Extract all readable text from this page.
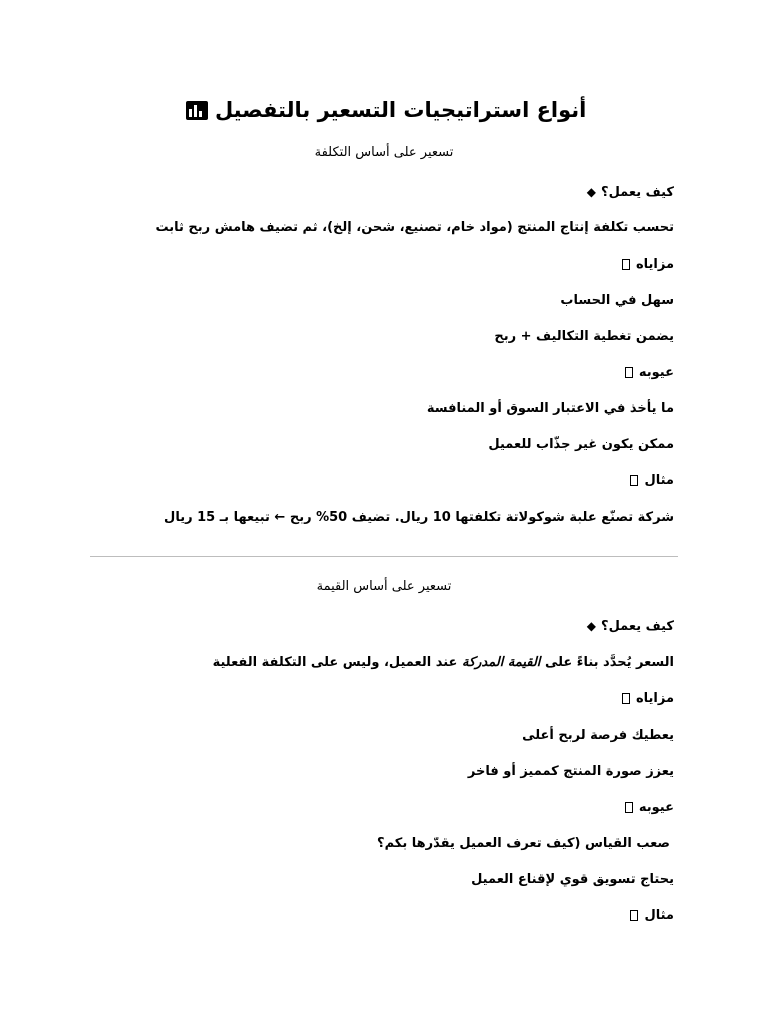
أنواع استراتيجيات التسعير بالتفصيل
تسعير على أساس التكلفة
كيف يعمل؟◆
تحسب تكلفة إنتاج المنتج (مواد خام، تصنيع، شحن، إلخ)، ثم تضيف هامش ربح ثابت
مزاياه
سهل في الحساب
يضمن تغطية التكاليف + ربح
عيوبه
ما يأخذ في الاعتبار السوق أو المنافسة
ممكن يكون غير جذّاب للعميل
مثال
شركة تصنّع علبة شوكولاتة تكلفتها 10 ريال. تضيف 50% ربح ← تبيعها بـ 15 ريال
تسعير على أساس القيمة
كيف يعمل؟◆
السعر يُحدَّد بناءً على القيمة المدركة عند العميل، وليس على التكلفة الفعلية
مزاياه
يعطيك فرصة لربح أعلى
يعزز صورة المنتج كمميز أو فاخر
عيوبه
صعب القياس (كيف تعرف العميل يقدّرها بكم؟
يحتاج تسويق قوي لإقناع العميل
مثال
